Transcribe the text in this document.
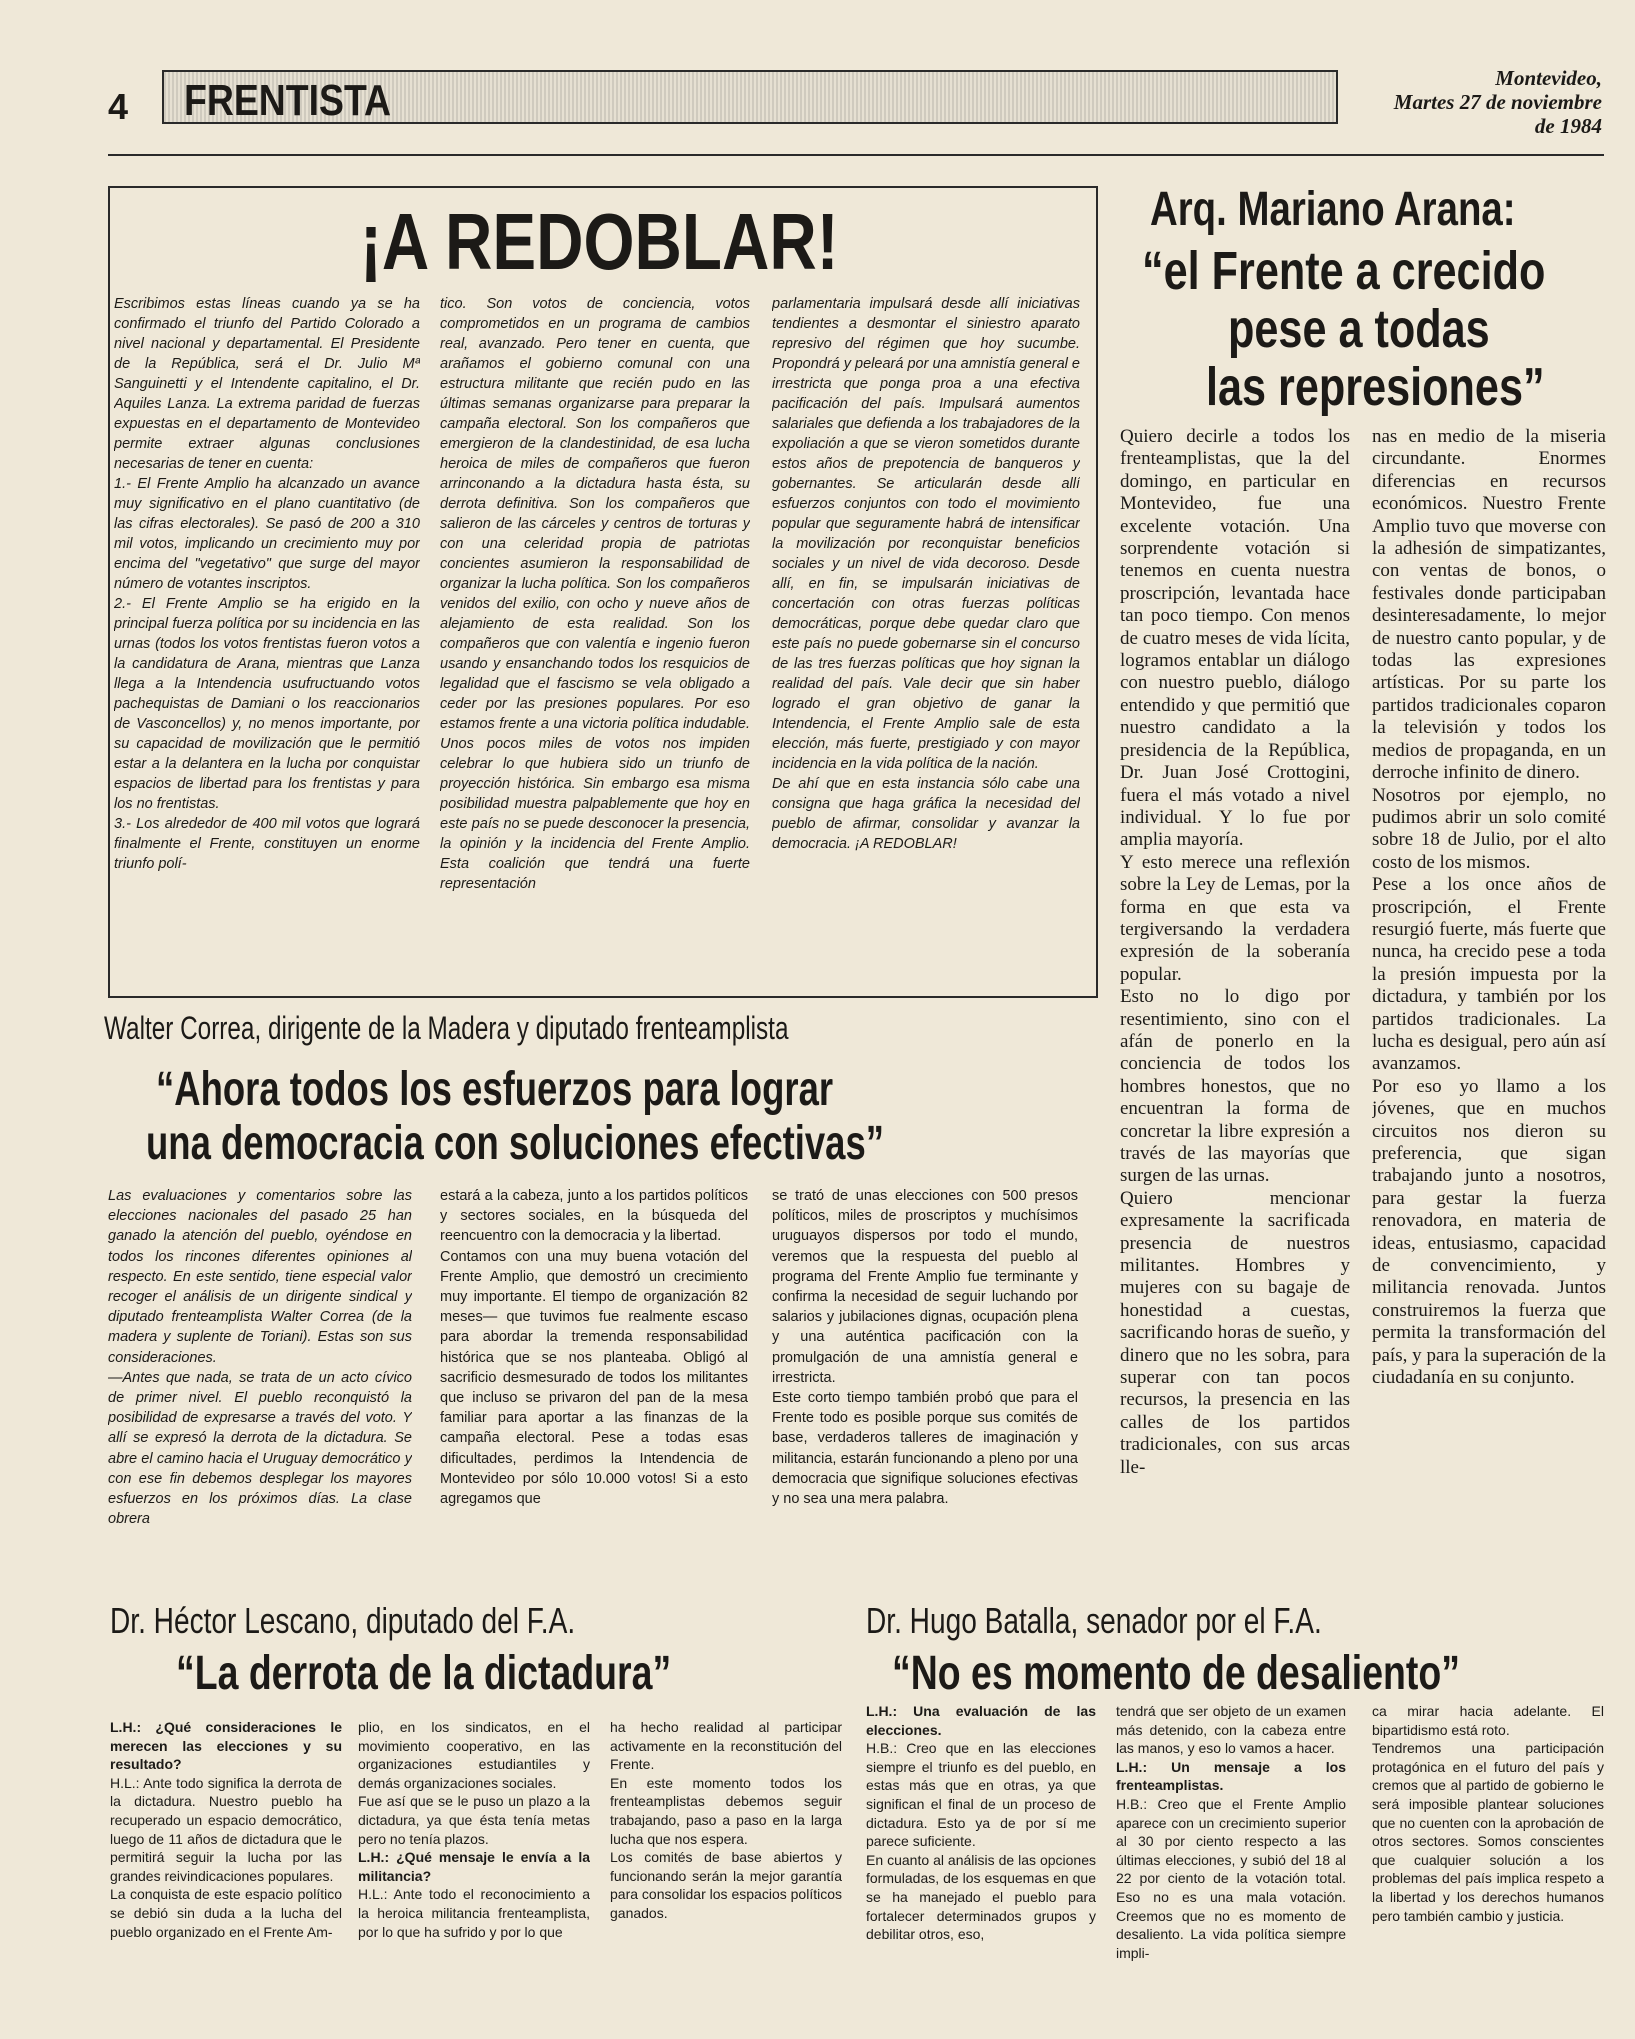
4 FRENTISTA	Montevideo,
Martes 27 de noviembre
de 1984
¡A REDOBLAR!
Escribimos estas líneas cuando ya se ha confirmado el triunfo del Partido Colorado a nivel nacional y departamental. El Presidente de la República, será el Dr. Julio Mª Sanguinetti y el Intendente capitalino, el Dr. Aquiles Lanza. La extrema paridad de fuerzas expuestas en el departamento de Montevideo permite extraer algunas conclusiones necesarias de tener en cuenta:
1.- El Frente Amplio ha alcanzado un avance muy significativo en el plano cuantitativo (de las cifras electorales). Se pasó de 200 a 310 mil votos, implicando un crecimiento muy por encima del "vegetativo" que surge del mayor número de votantes inscriptos.
2.- El Frente Amplio se ha erigido en la principal fuerza política por su incidencia en las urnas (todos los votos frentistas fueron votos a la candidatura de Arana, mientras que Lanza llega a la Intendencia usufructuando votos pachequistas de Damiani o los reaccionarios de Vasconcellos) y, no menos importante, por su capacidad de movilización que le permitió estar a la delantera en la lucha por conquistar espacios de libertad para los frentistas y para los no frentistas.
3.- Los alrededor de 400 mil votos que logrará finalmente el Frente, constituyen un enorme triunfo polí-
tico. Son votos de conciencia, votos comprometidos en un programa de cambios real, avanzado. Pero tener en cuenta, que arañamos el gobierno comunal con una estructura militante que recién pudo en las últimas semanas organizarse para preparar la campaña electoral. Son los compañeros que emergieron de la clandestinidad, de esa lucha heroica de miles de compañeros que fueron arrinconando a la dictadura hasta ésta, su derrota definitiva. Son los compañeros que salieron de las cárceles y centros de torturas y con una celeridad propia de patriotas concientes asumieron la responsabilidad de organizar la lucha política. Son los compañeros venidos del exilio, con ocho y nueve años de alejamiento de esta realidad. Son los compañeros que con valentía e ingenio fueron usando y ensanchando todos los resquicios de legalidad que el fascismo se vela obligado a ceder por las presiones populares. Por eso estamos frente a una victoria política indudable. Unos pocos miles de votos nos impiden celebrar lo que hubiera sido un triunfo de proyección histórica. Sin embargo esa misma posibilidad muestra palpablemente que hoy en este país no se puede desconocer la presencia, la opinión y la incidencia del Frente Amplio. Esta coalición que tendrá una fuerte representación
parlamentaria impulsará desde allí iniciativas tendientes a desmontar el siniestro aparato represivo del régimen que hoy sucumbe. Propondrá y peleará por una amnistía general e irrestricta que ponga proa a una efectiva pacificación del país. Impulsará aumentos salariales que defienda a los trabajadores de la expoliación a que se vieron sometidos durante estos años de prepotencia de banqueros y gobernantes. Se articularán desde allí esfuerzos conjuntos con todo el movimiento popular que seguramente habrá de intensificar la movilización por reconquistar beneficios sociales y un nivel de vida decoroso. Desde allí, en fin, se impulsarán iniciativas de concertación con otras fuerzas políticas democráticas, porque debe quedar claro que este país no puede gobernarse sin el concurso de las tres fuerzas políticas que hoy signan la realidad del país. Vale decir que sin haber logrado el gran objetivo de ganar la Intendencia, el Frente Amplio sale de esta elección, más fuerte, prestigiado y con mayor incidencia en la vida política de la nación.
De ahí que en esta instancia sólo cabe una consigna que haga gráfica la necesidad del pueblo de afirmar, consolidar y avanzar la democracia. ¡A REDOBLAR!
Arq. Mariano Arana:
“el Frente a crecido
pese a todas
las represiones”
Quiero decirle a todos los frenteamplistas, que la del domingo, en particular en Montevideo, fue una excelente votación. Una sorprendente votación si tenemos en cuenta nuestra proscripción, levantada hace tan poco tiempo. Con menos de cuatro meses de vida lícita, logramos entablar un diálogo con nuestro pueblo, diálogo entendido y que permitió que nuestro candidato a la presidencia de la República, Dr. Juan José Crottogini, fuera el más votado a nivel individual. Y lo fue por amplia mayoría.
Y esto merece una reflexión sobre la Ley de Lemas, por la forma en que esta va tergiversando la verdadera expresión de la soberanía popular.
Esto no lo digo por resentimiento, sino con el afán de ponerlo en la conciencia de todos los hombres honestos, que no encuentran la forma de concretar la libre expresión a través de las mayorías que surgen de las urnas.
Quiero mencionar expresamente la sacrificada presencia de nuestros militantes. Hombres y mujeres con su bagaje de honestidad a cuestas, sacrificando horas de sueño, y dinero que no les sobra, para superar con tan pocos recursos, la presencia en las calles de los partidos tradicionales, con sus arcas lle-
nas en medio de la miseria circundante. Enormes diferencias en recursos económicos. Nuestro Frente Amplio tuvo que moverse con la adhesión de simpatizantes, con ventas de bonos, o festivales donde participaban desinteresadamente, lo mejor de nuestro canto popular, y de todas las expresiones artísticas. Por su parte los partidos tradicionales coparon la televisión y todos los medios de propaganda, en un derroche infinito de dinero.
Nosotros por ejemplo, no pudimos abrir un solo comité sobre 18 de Julio, por el alto costo de los mismos.
Pese a los once años de proscripción, el Frente resurgió fuerte, más fuerte que nunca, ha crecido pese a toda la presión impuesta por la dictadura, y también por los partidos tradicionales. La lucha es desigual, pero aún así avanzamos.
Por eso yo llamo a los jóvenes, que en muchos circuitos nos dieron su preferencia, que sigan trabajando junto a nosotros, para gestar la fuerza renovadora, en materia de ideas, entusiasmo, capacidad de convencimiento, y militancia renovada. Juntos construiremos la fuerza que permita la transformación del país, y para la superación de la ciudadanía en su conjunto.
Walter Correa, dirigente de la Madera y diputado frenteamplista
“Ahora todos los esfuerzos para lograr
una democracia con soluciones efectivas”
Las evaluaciones y comentarios sobre las elecciones nacionales del pasado 25 han ganado la atención del pueblo, oyéndose en todos los rincones diferentes opiniones al respecto. En este sentido, tiene especial valor recoger el análisis de un dirigente sindical y diputado frenteamplista Walter Correa (de la madera y suplente de Toriani). Estas son sus consideraciones.
—Antes que nada, se trata de un acto cívico de primer nivel. El pueblo reconquistó la posibilidad de expresarse a través del voto. Y allí se expresó la derrota de la dictadura. Se abre el camino hacia el Uruguay democrático y con ese fin debemos desplegar los mayores esfuerzos en los próximos días. La clase obrera
estará a la cabeza, junto a los partidos políticos y sectores sociales, en la búsqueda del reencuentro con la democracia y la libertad.
Contamos con una muy buena votación del Frente Amplio, que demostró un crecimiento muy importante. El tiempo de organización 82 meses— que tuvimos fue realmente escaso para abordar la tremenda responsabilidad histórica que se nos planteaba. Obligó al sacrificio desmesurado de todos los militantes que incluso se privaron del pan de la mesa familiar para aportar a las finanzas de la campaña electoral. Pese a todas esas dificultades, perdimos la Intendencia de Montevideo por sólo 10.000 votos! Si a esto agregamos que
se trató de unas elecciones con 500 presos políticos, miles de proscriptos y muchísimos uruguayos dispersos por todo el mundo, veremos que la respuesta del pueblo al programa del Frente Amplio fue terminante y confirma la necesidad de seguir luchando por salarios y jubilaciones dignas, ocupación plena y una auténtica pacificación con la promulgación de una amnistía general e irrestricta.
Este corto tiempo también probó que para el Frente todo es posible porque sus comités de base, verdaderos talleres de imaginación y militancia, estarán funcionando a pleno por una democracia que signifique soluciones efectivas y no sea una mera palabra.
Dr. Héctor Lescano, diputado del F.A.
“La derrota de la dictadura”
L.H.: ¿Qué consideraciones le merecen las elecciones y su resultado?
H.L.: Ante todo significa la derrota de la dictadura. Nuestro pueblo ha recuperado un espacio democrático, luego de 11 años de dictadura que le permitirá seguir la lucha por las grandes reivindicaciones populares.
La conquista de este espacio político se debió sin duda a la lucha del pueblo organizado en el Frente Am-
plio, en los sindicatos, en el movimiento cooperativo, en las organizaciones estudiantiles y demás organizaciones sociales.
Fue así que se le puso un plazo a la dictadura, ya que ésta tenía metas pero no tenía plazos.
L.H.: ¿Qué mensaje le envía a la militancia?
H.L.: Ante todo el reconocimiento a la heroica militancia frenteamplista, por lo que ha sufrido y por lo que
ha hecho realidad al participar activamente en la reconstitución del Frente.
En este momento todos los frenteamplistas debemos seguir trabajando, paso a paso en la larga lucha que nos espera.
Los comités de base abiertos y funcionando serán la mejor garantía para consolidar los espacios políticos ganados.
Dr. Hugo Batalla, senador por el F.A.
“No es momento de desaliento”
L.H.: Una evaluación de las elecciones.
H.B.: Creo que en las elecciones siempre el triunfo es del pueblo, en estas más que en otras, ya que significan el final de un proceso de dictadura. Esto ya de por sí me parece suficiente.
En cuanto al análisis de las opciones formuladas, de los esquemas en que se ha manejado el pueblo para fortalecer determinados grupos y debilitar otros, eso,
tendrá que ser objeto de un examen más detenido, con la cabeza entre las manos, y eso lo vamos a hacer.
L.H.: Un mensaje a los frenteamplistas.
H.B.: Creo que el Frente Amplio aparece con un crecimiento superior al 30 por ciento respecto a las últimas elecciones, y subió del 18 al 22 por ciento de la votación total. Eso no es una mala votación. Creemos que no es momento de desaliento. La vida política siempre impli-
ca mirar hacia adelante. El bipartidismo está roto.
Tendremos una participación protagónica en el futuro del país y cremos que al partido de gobierno le será imposible plantear soluciones que no cuenten con la aprobación de otros sectores. Somos conscientes que cualquier solución a los problemas del país implica respeto a la libertad y los derechos humanos pero también cambio y justicia.
